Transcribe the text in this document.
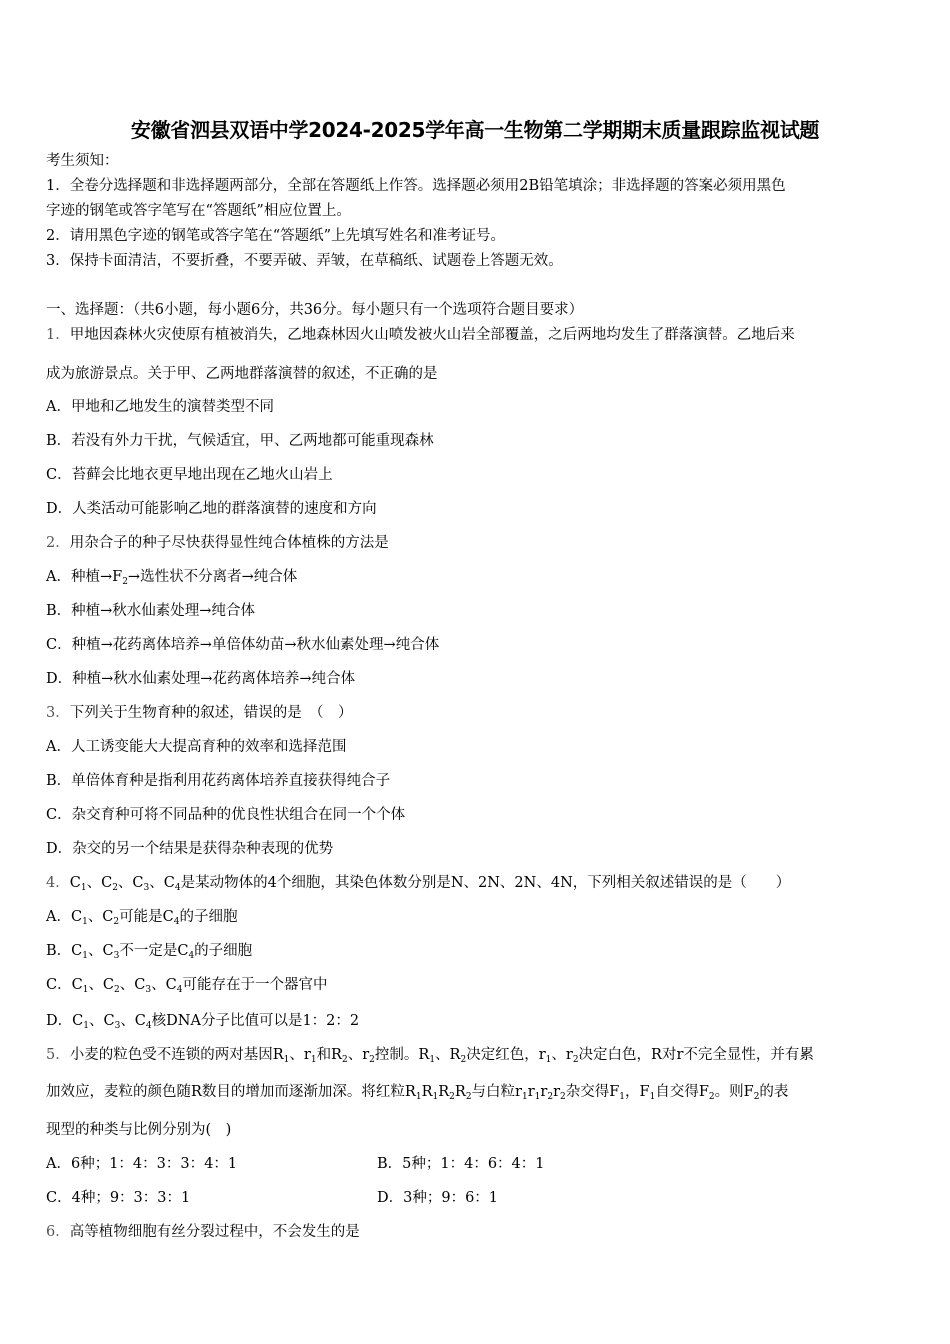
安徽省泗县双语中学2024-2025学年高一生物第二学期期末质量跟踪监视试题
考生须知：
1．全卷分选择题和非选择题两部分，全部在答题纸上作答。选择题必须用2B铅笔填涂；非选择题的答案必须用黑色
字迹的钢笔或答字笔写在“答题纸”相应位置上。
2．请用黑色字迹的钢笔或答字笔在“答题纸”上先填写姓名和准考证号。
3．保持卡面清洁，不要折叠，不要弄破、弄皱，在草稿纸、试题卷上答题无效。
一、选择题：（共6小题，每小题6分，共36分。每小题只有一个选项符合题目要求）
1．甲地因森林火灾使原有植被消失，乙地森林因火山喷发被火山岩全部覆盖，之后两地均发生了群落演替。乙地后来
成为旅游景点。关于甲、乙两地群落演替的叙述，不正确的是
A．甲地和乙地发生的演替类型不同
B．若没有外力干扰，气候适宜，甲、乙两地都可能重现森林
C．苔藓会比地衣更早地出现在乙地火山岩上
D．人类活动可能影响乙地的群落演替的速度和方向
2．用杂合子的种子尽快获得显性纯合体植株的方法是
A．种植$\to F_2\to$选性状不分离者→纯合体
B．种植→秋水仙素处理→纯合体
C．种植→花药离体培养→单倍体幼苗→秋水仙素处理→纯合体
D．种植→秋水仙素处理→花药离体培养→纯合体
3．下列关于生物育种的叙述，错误的是　（　）
A．人工诱变能大大提高育种的效率和选择范围
B．单倍体育种是指利用花药离体培养直接获得纯合子
C．杂交育种可将不同品种的优良性状组合在同一个个体
D．杂交的另一个结果是获得杂种表现的优势
4．$C_1$、$C_2$、$C_3$、$C_4$是某动物体的4个细胞，其染色体数分别是N、2N、2N、4N，下列相关叙述错误的是（　　）
A．$C_1$、$C_2$可能是$C_4$的子细胞
B．$C_1$、$C_3$不一定是$C_4$的子细胞
C．$C_1$、$C_2$、$C_3$、$C_4$可能存在于一个器官中
D．$C_1$、$C_3$、$C_4$核DNA分子比值可以是1：2：2
5．小麦的粒色受不连锁的两对基因$R_1$、$r_1$和$R_2$、$r_2$控制。$R_1$、$R_2$决定红色，$r_1$、$r_2$决定白色，R对r不完全显性，并有累
加效应，麦粒的颜色随R数目的增加而逐渐加深。将红粒$R_1R_1R_2R_2$与白粒$r_1r_1r_2r_2$杂交得$F_1$，$F_1$自交得$F_2$。则$F_2$的表
现型的种类与比例分别为(　)
A．6种；1：4：3：3：4：1	B．5种；1：4：6：4：1
C．4种；9：3：3：1	D．3种；9：6：1
6．高等植物细胞有丝分裂过程中，不会发生的是
